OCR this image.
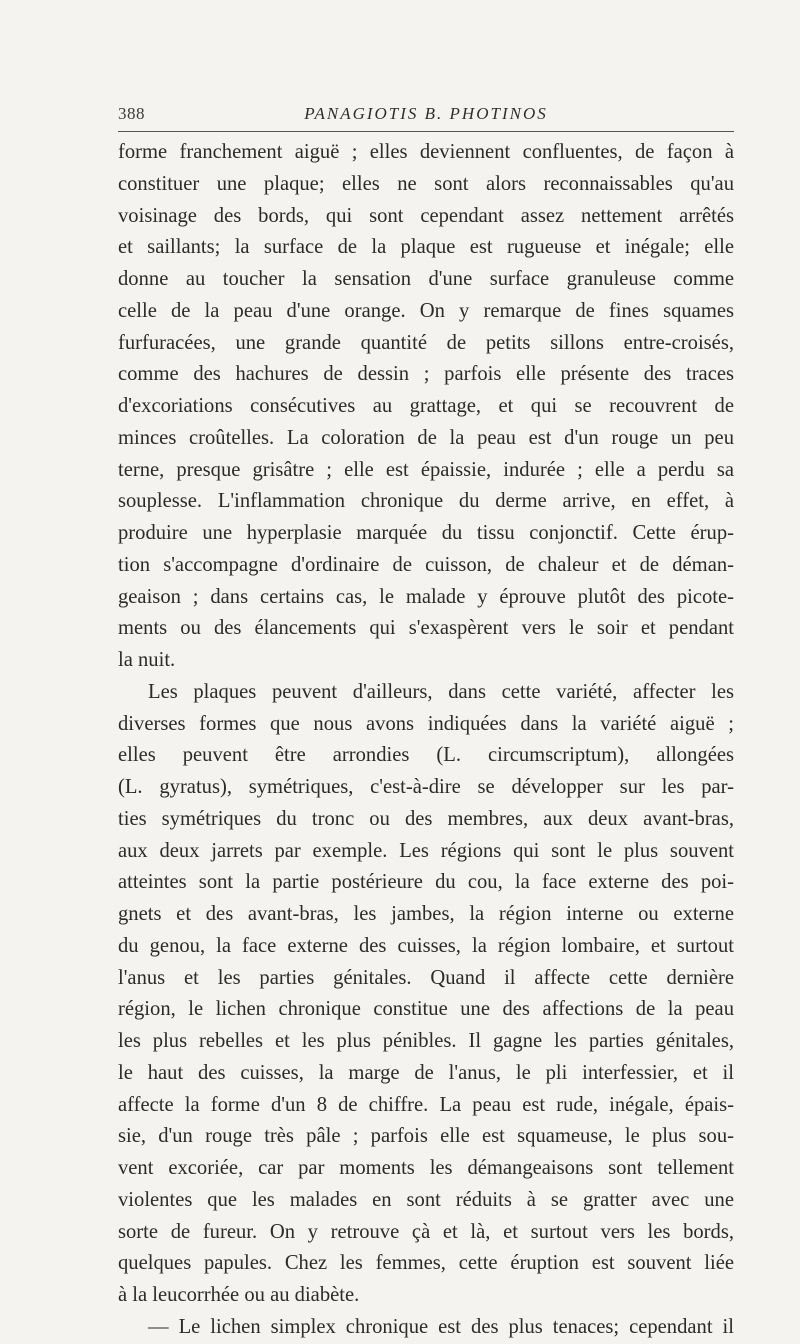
388	PANAGIOTIS B. PHOTINOS
forme franchement aiguë ; elles deviennent confluentes, de façon à
constituer une plaque; elles ne sont alors reconnaissables qu'au
voisinage des bords, qui sont cependant assez nettement arrêtés
et saillants; la surface de la plaque est rugueuse et inégale; elle
donne au toucher la sensation d'une surface granuleuse comme
celle de la peau d'une orange. On y remarque de fines squames
furfuracées, une grande quantité de petits sillons entre-croisés,
comme des hachures de dessin ; parfois elle présente des traces
d'excoriations consécutives au grattage, et qui se recouvrent de
minces croûtelles. La coloration de la peau est d'un rouge un peu
terne, presque grisâtre ; elle est épaissie, indurée ; elle a perdu sa
souplesse. L'inflammation chronique du derme arrive, en effet, à
produire une hyperplasie marquée du tissu conjonctif. Cette érup-
tion s'accompagne d'ordinaire de cuisson, de chaleur et de déman-
geaison ; dans certains cas, le malade y éprouve plutôt des picote-
ments ou des élancements qui s'exaspèrent vers le soir et pendant
la nuit.
Les plaques peuvent d'ailleurs, dans cette variété, affecter les
diverses formes que nous avons indiquées dans la variété aiguë ;
elles peuvent être arrondies (L. circumscriptum), allongées
(L. gyratus), symétriques, c'est-à-dire se développer sur les par-
ties symétriques du tronc ou des membres, aux deux avant-bras,
aux deux jarrets par exemple. Les régions qui sont le plus souvent
atteintes sont la partie postérieure du cou, la face externe des poi-
gnets et des avant-bras, les jambes, la région interne ou externe
du genou, la face externe des cuisses, la région lombaire, et surtout
l'anus et les parties génitales. Quand il affecte cette dernière
région, le lichen chronique constitue une des affections de la peau
les plus rebelles et les plus pénibles. Il gagne les parties génitales,
le haut des cuisses, la marge de l'anus, le pli interfessier, et il
affecte la forme d'un 8 de chiffre. La peau est rude, inégale, épais-
sie, d'un rouge très pâle ; parfois elle est squameuse, le plus sou-
vent excoriée, car par moments les démangeaisons sont tellement
violentes que les malades en sont réduits à se gratter avec une
sorte de fureur. On y retrouve çà et là, et surtout vers les bords,
quelques papules. Chez les femmes, cette éruption est souvent liée
à la leucorrhée ou au diabète.
— Le lichen simplex chronique est des plus tenaces; cependant il
